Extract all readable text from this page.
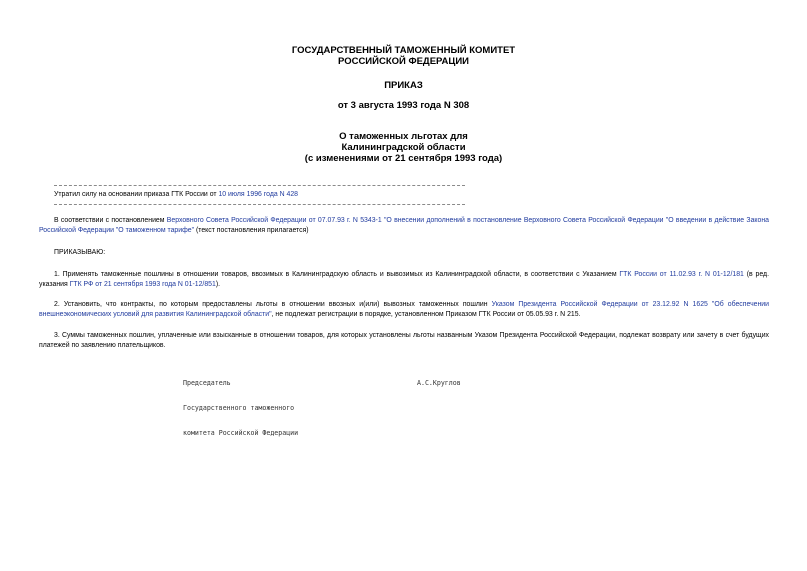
ГОСУДАРСТВЕННЫЙ ТАМОЖЕННЫЙ КОМИТЕТ
РОССИЙСКОЙ ФЕДЕРАЦИИ
ПРИКАЗ
от 3 августа 1993 года N 308
О таможенных льготах для
Калининградской области
(с изменениями от 21 сентября 1993 года)
Утратил силу на основании приказа ГТК России от 10 июля 1996 года N 428
В соответствии с постановлением Верховного Совета Российской Федерации от 07.07.93 г. N 5343-1 "О внесении дополнений в постановление Верховного Совета Российской Федерации "О введении в действие Закона Российской Федерации "О таможенном тарифе" (текст постановления прилагается)
ПРИКАЗЫВАЮ:
1. Применять таможенные пошлины в отношении товаров, ввозимых в Калининградскую область и вывозимых из Калининградской области, в соответствии с Указанием ГТК России от 11.02.93 г. N 01-12/181 (в ред. указания ГТК РФ от 21 сентября 1993 года N 01-12/851).
2. Установить, что контракты, по которым предоставлены льготы в отношении ввозных и(или) вывозных таможенных пошлин Указом Президента Российской Федерации от 23.12.92 N 1625 "Об обеспечении внешнеэкономических условий для развития Калининградской области", не подлежат регистрации в порядке, установленном Приказом ГТК России от 05.05.93 г. N 215.
3. Суммы таможенных пошлин, уплаченные или взысканные в отношении товаров, для которых установлены льготы названным Указом Президента Российской Федерации, подлежат возврату или зачету в счет будущих платежей по заявлению плательщиков.

Председатель

Государственного таможенного

комитета Российской Федерации

А.С.Круглов
